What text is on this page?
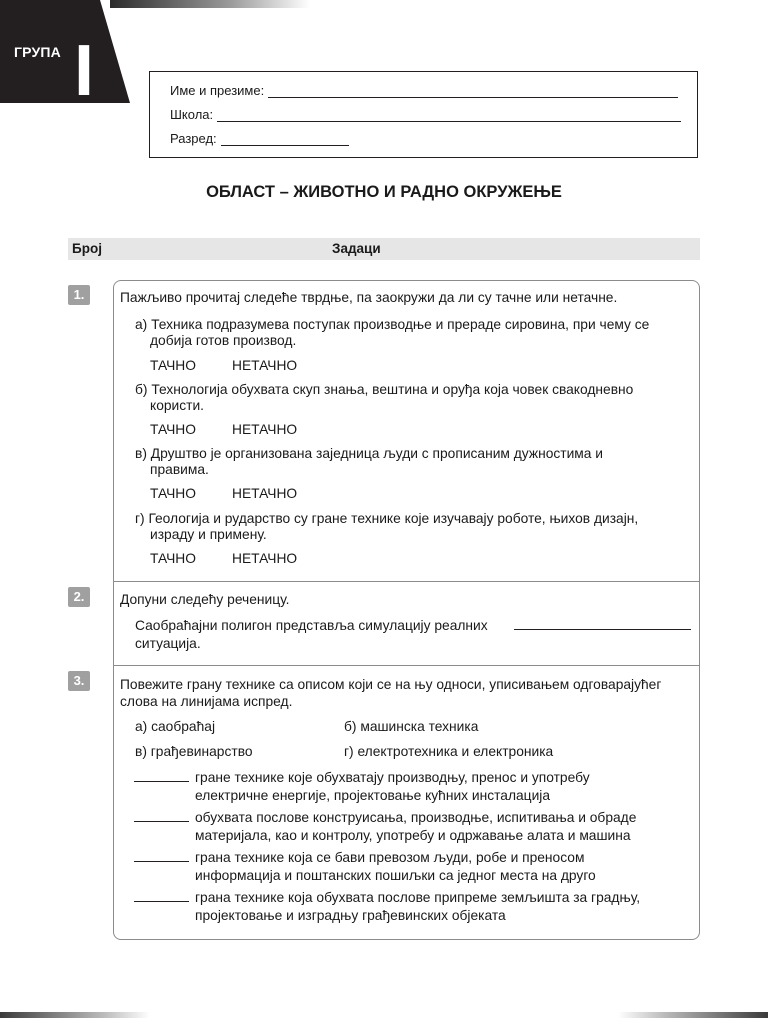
ГРУПА I	Име и презиме:
Школа:
Разред:
ОБЛАСТ – ЖИВОТНО И РАДНО ОКРУЖЕЊЕ
Број	Задаци
1.
2.
3.
Пажљиво прочитај следеће тврдње, па заокружи да ли су тачне или нетачне.
а) Техника подразумева поступак производње и прераде сировина, при чему се
добија готов производ.
ТАЧНО	НЕТАЧНО
б) Технологија обухвата скуп знања, вештина и оруђа која човек свакодневно
користи.
ТАЧНО	НЕТАЧНО
в) Друштво је организована заједница људи с прописаним дужностима и
правима.
ТАЧНО	НЕТАЧНО
г) Геологија и рударство су гране технике које изучавају роботе, њихов дизајн,
израду и примену.
ТАЧНО	НЕТАЧНО
Допуни следећу реченицу.
Саобраћајни полигон представља симулацију реалних
ситуација.
Повежите грану технике са описом који се на њу односи, уписивањем одговарајућег
слова на линијама испред.
а) саобраћај	б) машинска техника
в) грађевинарство	г) електротехника и електроника
гране технике које обухватају производњу, пренос и употребу
електричне енергије, пројектовање кућних инсталација
обухвата послове конструисања, производње, испитивања и обраде
материјала, као и контролу, употребу и одржавање алата и машина
грана технике која се бави превозом људи, робе и преносом
информација и поштанских пошиљки са једног места на друго
грана технике која обухвата послове припреме земљишта за градњу,
пројектовање и изградњу грађевинских објеката
